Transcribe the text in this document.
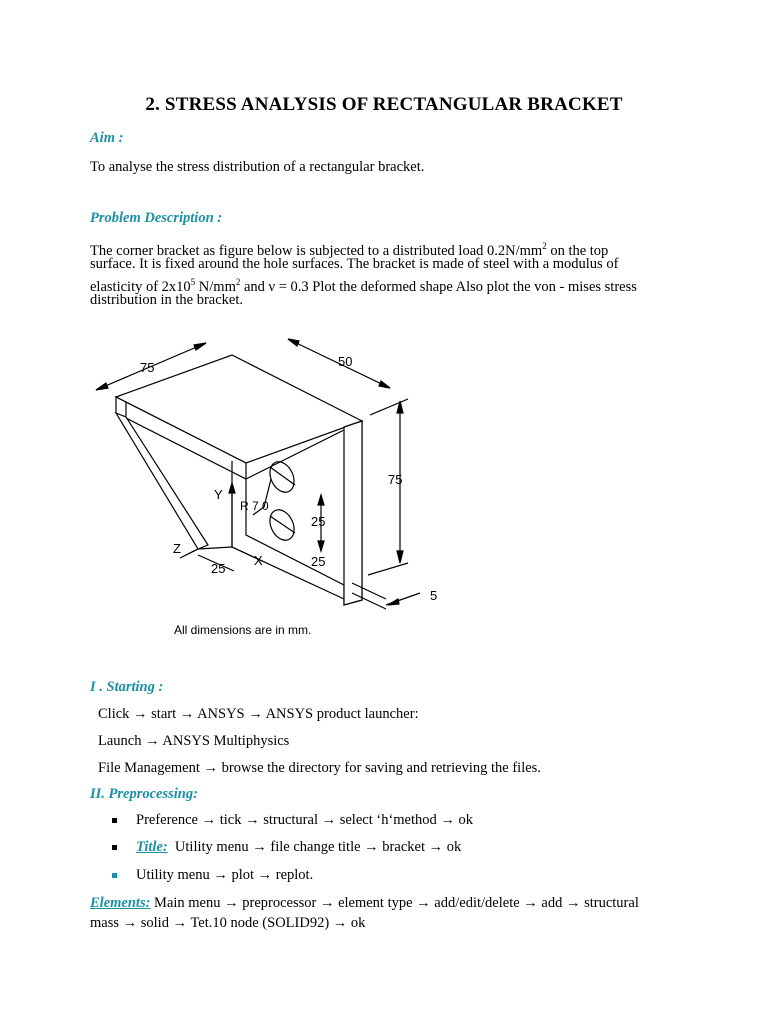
2. STRESS ANALYSIS OF RECTANGULAR BRACKET
Aim :
To analyse the stress distribution of a rectangular bracket.
Problem Description :
The corner bracket as figure below is subjected to a distributed load $0.2N/mm^2$ on the top
surface. It is fixed around the hole surfaces. The bracket is made of steel with a modulus of
elasticity of $2x10^5$ $N/mm^2$ and ν = 0.3 Plot the deformed shape Also plot the von - mises stress
distribution in the bracket.
75	50
75
R 7.0
25
25
25
5
Y
Z
X
All dimensions are in mm.
I . Starting :
Click → start → ANSYS → ANSYS product launcher:
Launch → ANSYS Multiphysics
File Management → browse the directory for saving and retrieving the files.
II. Preprocessing:
Preference → tick → structural → select ‘h‘method → ok
Title:  Utility menu → file change title → bracket → ok
Utility menu → plot → replot.
Elements: Main menu → preprocessor → element type → add/edit/delete → add → structural
mass → solid → Tet.10 node (SOLID92) → ok
